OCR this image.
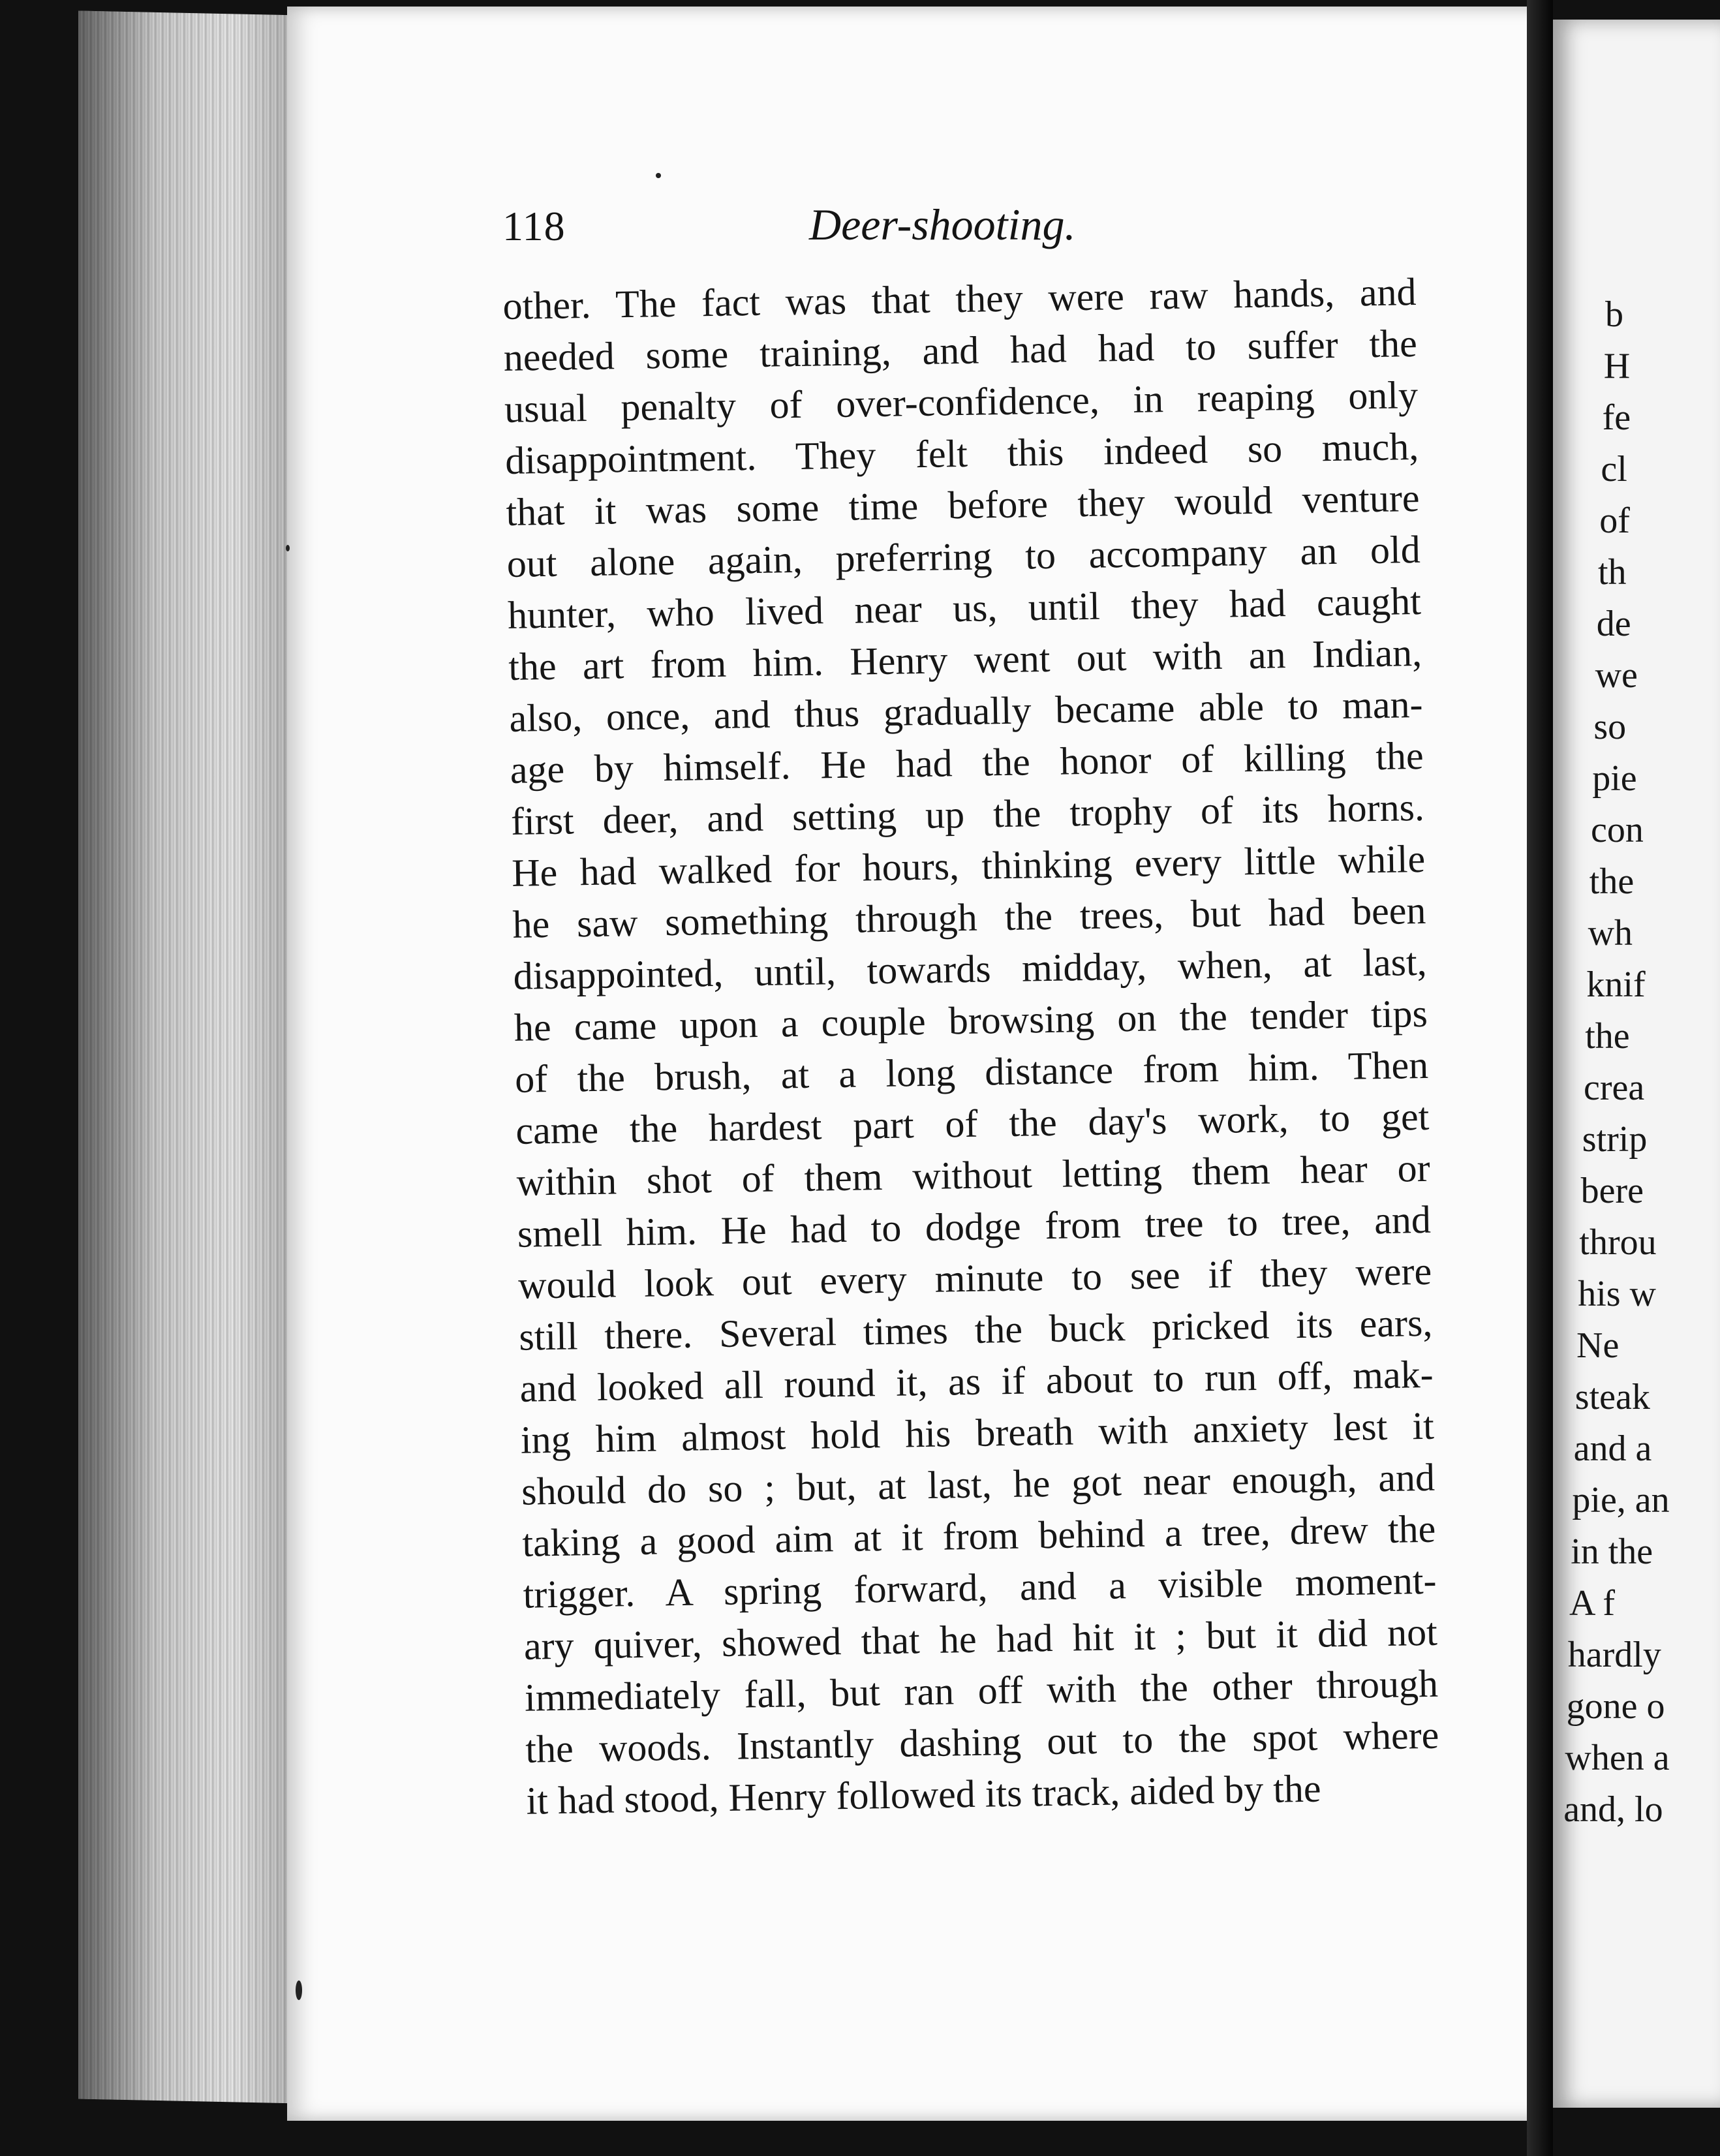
118	Deer-shooting.
other. The fact was that they were raw hands, and
needed some training, and had had to suffer the
usual penalty of over-confidence, in reaping only
disappointment. They felt this indeed so much,
that it was some time before they would venture
out alone again, preferring to accompany an old
hunter, who lived near us, until they had caught
the art from him. Henry went out with an Indian,
also, once, and thus gradually became able to man-
age by himself. He had the honor of killing the
first deer, and setting up the trophy of its horns.
He had walked for hours, thinking every little while
he saw something through the trees, but had been
disappointed, until, towards midday, when, at last,
he came upon a couple browsing on the tender tips
of the brush, at a long distance from him. Then
came the hardest part of the day's work, to get
within shot of them without letting them hear or
smell him. He had to dodge from tree to tree, and
would look out every minute to see if they were
still there. Several times the buck pricked its ears,
and looked all round it, as if about to run off, mak-
ing him almost hold his breath with anxiety lest it
should do so ; but, at last, he got near enough, and
taking a good aim at it from behind a tree, drew the
trigger. A spring forward, and a visible moment-
ary quiver, showed that he had hit it ; but it did not
immediately fall, but ran off with the other through
the woods. Instantly dashing out to the spot where
it had stood, Henry followed its track, aided by the
b
H
fe
cl
of
th
de
we
so
pie
con
the
wh
knif
the
crea
strip
bere
throu
his w
Ne
steak
and a
pie, an
in the
A f
hardly
gone o
when a
and, lo
